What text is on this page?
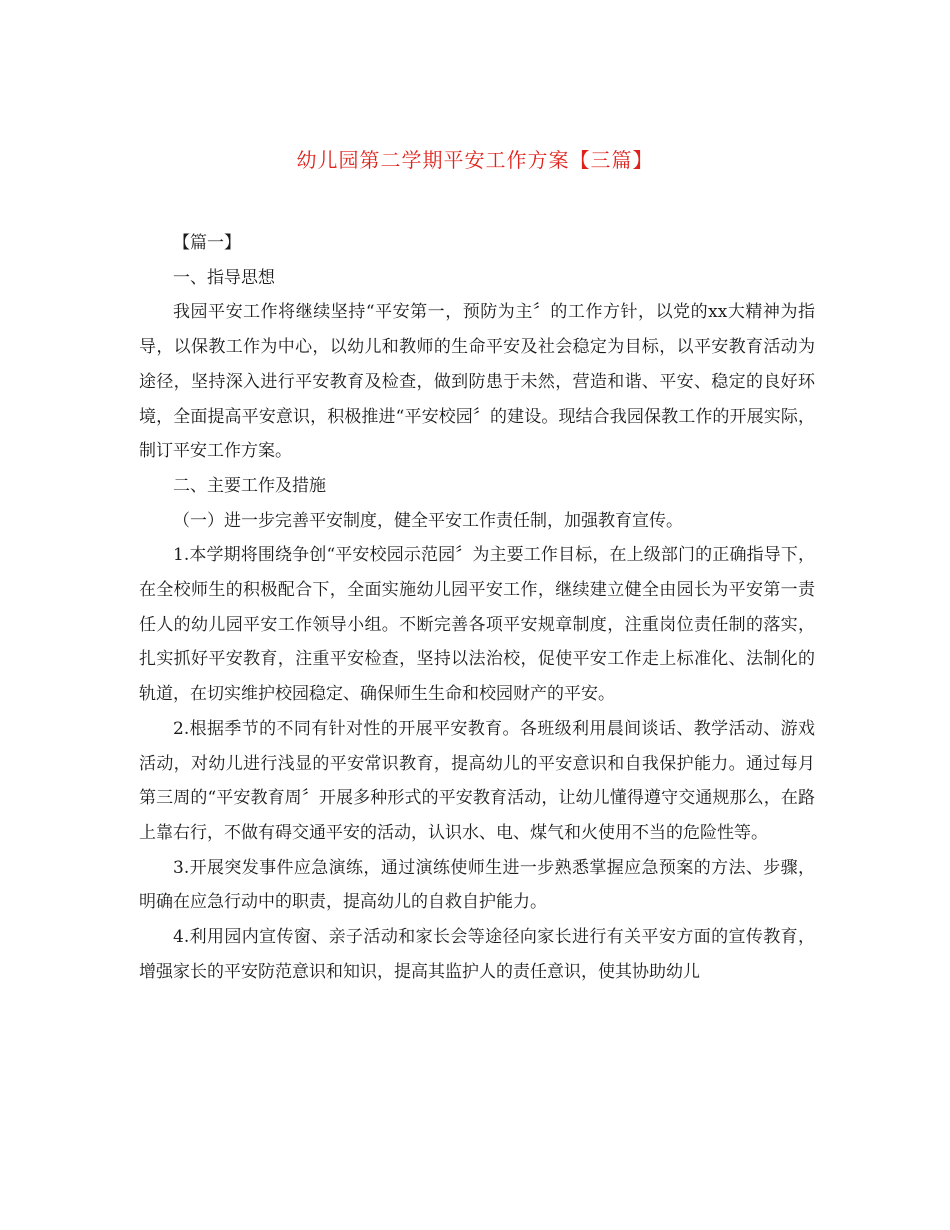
幼儿园第二学期平安工作方案【三篇】

【篇一】

一、指导思想

我园平安工作将继续坚持“平安第一，预防为主〞的工作方针，以党的xx大精神为指导，以保教工作为中心，以幼儿和教师的生命平安及社会稳定为目标，以平安教育活动为途径，坚持深入进行平安教育及检查，做到防患于未然，营造和谐、平安、稳定的良好环境，全面提高平安意识，积极推进“平安校园〞的建设。现结合我园保教工作的开展实际，制订平安工作方案。

二、主要工作及措施

（一）进一步完善平安制度，健全平安工作责任制，加强教育宣传。

1.本学期将围绕争创“平安校园示范园〞为主要工作目标，在上级部门的正确指导下，在全校师生的积极配合下，全面实施幼儿园平安工作，继续建立健全由园长为平安第一责任人的幼儿园平安工作领导小组。不断完善各项平安规章制度，注重岗位责任制的落实，扎实抓好平安教育，注重平安检查，坚持以法治校，促使平安工作走上标准化、法制化的轨道，在切实维护校园稳定、确保师生生命和校园财产的平安。

2.根据季节的不同有针对性的开展平安教育。各班级利用晨间谈话、教学活动、游戏活动，对幼儿进行浅显的平安常识教育，提高幼儿的平安意识和自我保护能力。通过每月第三周的“平安教育周〞开展多种形式的平安教育活动，让幼儿懂得遵守交通规那么，在路上靠右行，不做有碍交通平安的活动，认识水、电、煤气和火使用不当的危险性等。

3.开展突发事件应急演练，通过演练使师生进一步熟悉掌握应急预案的方法、步骤，明确在应急行动中的职责，提高幼儿的自救自护能力。

4.利用园内宣传窗、亲子活动和家长会等途径向家长进行有关平安方面的宣传教育，增强家长的平安防范意识和知识，提高其监护人的责任意识，使其协助幼儿
